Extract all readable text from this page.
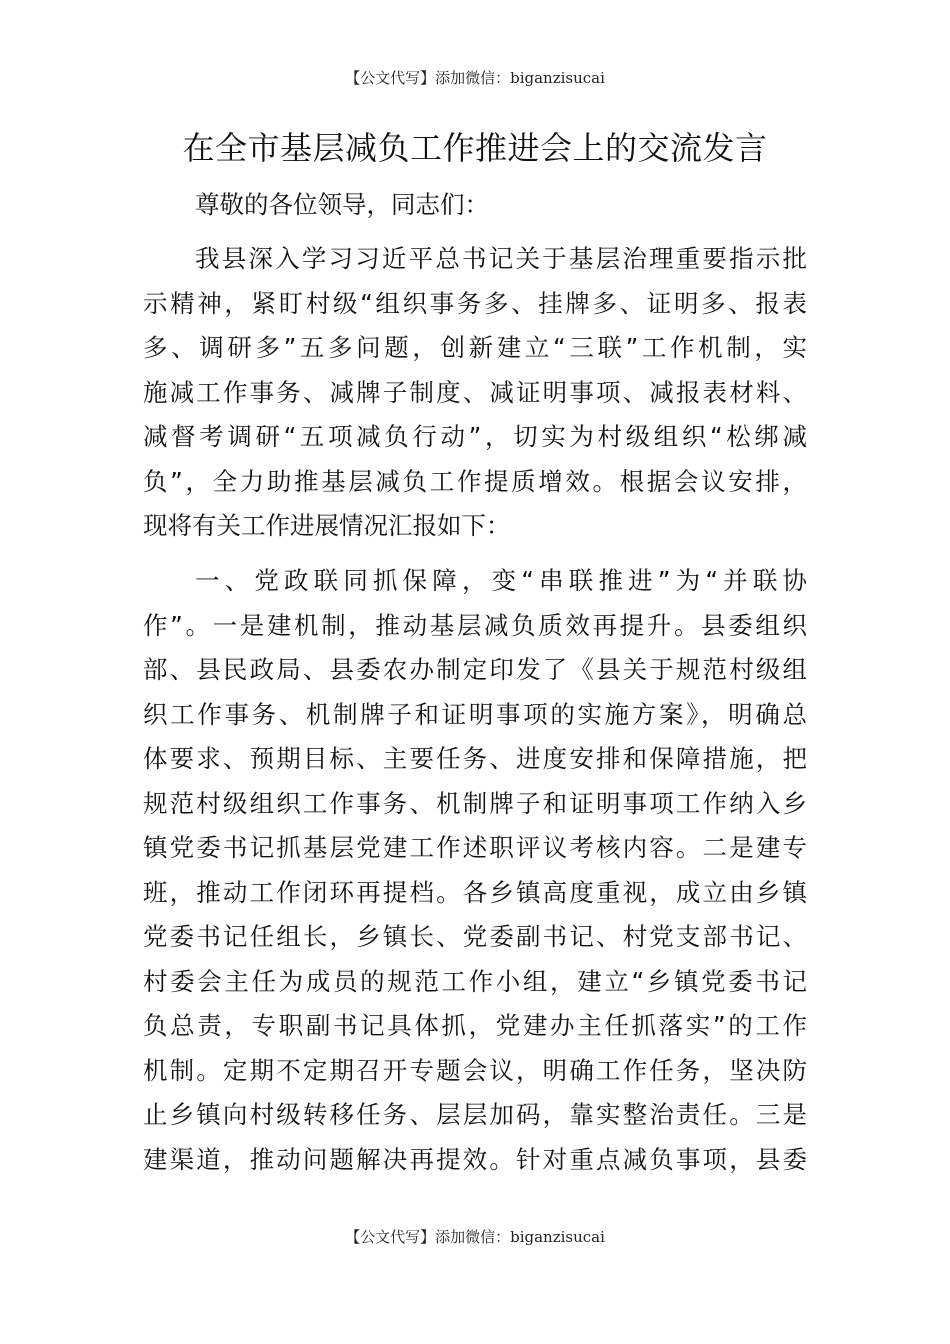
【公文代写】添加微信：biganzisucai
在全市基层减负工作推进会上的交流发言
尊敬的各位领导，同志们：
我县深入学习习近平总书记关于基层治理重要指示批
示精神，紧盯村级“组织事务多、挂牌多、证明多、报表
多、调研多”五多问题，创新建立“三联”工作机制，实
施减工作事务、减牌子制度、减证明事项、减报表材料、
减督考调研“五项减负行动”，切实为村级组织“松绑减
负”，全力助推基层减负工作提质增效。根据会议安排，
现将有关工作进展情况汇报如下：
一、党政联同抓保障，变“串联推进”为“并联协
作”。一是建机制，推动基层减负质效再提升。县委组织
部、县民政局、县委农办制定印发了《县关于规范村级组
织工作事务、机制牌子和证明事项的实施方案》，明确总
体要求、预期目标、主要任务、进度安排和保障措施，把
规范村级组织工作事务、机制牌子和证明事项工作纳入乡
镇党委书记抓基层党建工作述职评议考核内容。二是建专
班，推动工作闭环再提档。各乡镇高度重视，成立由乡镇
党委书记任组长，乡镇长、党委副书记、村党支部书记、
村委会主任为成员的规范工作小组，建立“乡镇党委书记
负总责，专职副书记具体抓，党建办主任抓落实”的工作
机制。定期不定期召开专题会议，明确工作任务，坚决防
止乡镇向村级转移任务、层层加码，靠实整治责任。三是
建渠道，推动问题解决再提效。针对重点减负事项，县委
【公文代写】添加微信：biganzisucai
